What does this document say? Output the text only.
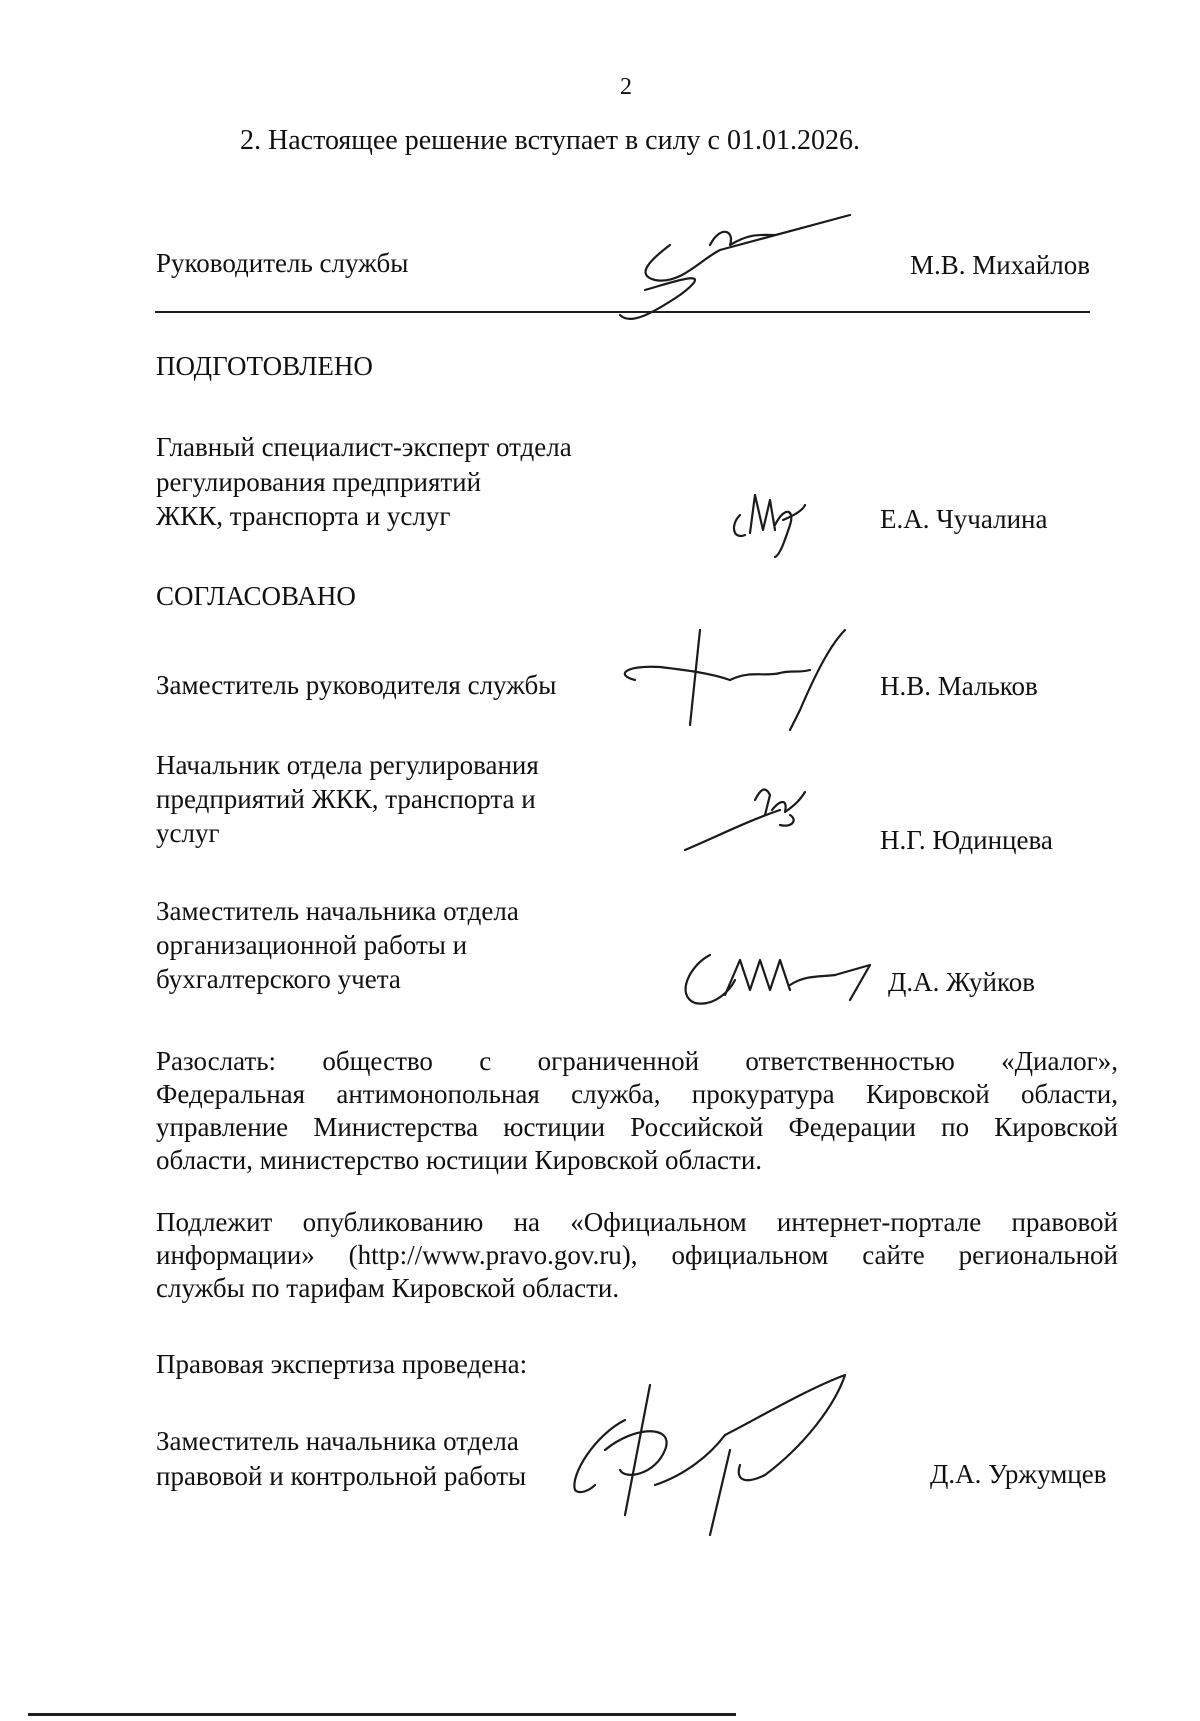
2
2. Настоящее решение вступает в силу с 01.01.2026.
Руководитель службы	М.В. Михайлов
ПОДГОТОВЛЕНО
Главный специалист-эксперт отдела
регулирования предприятий
ЖКК, транспорта и услуг	Е.А. Чучалина
СОГЛАСОВАНО
Заместитель руководителя службы	Н.В. Мальков
Начальник отдела регулирования
предприятий ЖКК, транспорта и
услуг	Н.Г. Юдинцева
Заместитель начальника отдела
организационной работы и
бухгалтерского учета	Д.А. Жуйков
Разослать: общество с ограниченной ответственностью «Диалог»,
Федеральная антимонопольная служба, прокуратура Кировской области,
управление Министерства юстиции Российской Федерации по Кировской
области, министерство юстиции Кировской области.
Подлежит опубликованию на «Официальном интернет-портале правовой
информации» (http://www.pravo.gov.ru), официальном сайте региональной
службы по тарифам Кировской области.
Правовая экспертиза проведена:
Заместитель начальника отдела
правовой и контрольной работы	Д.А. Уржумцев
